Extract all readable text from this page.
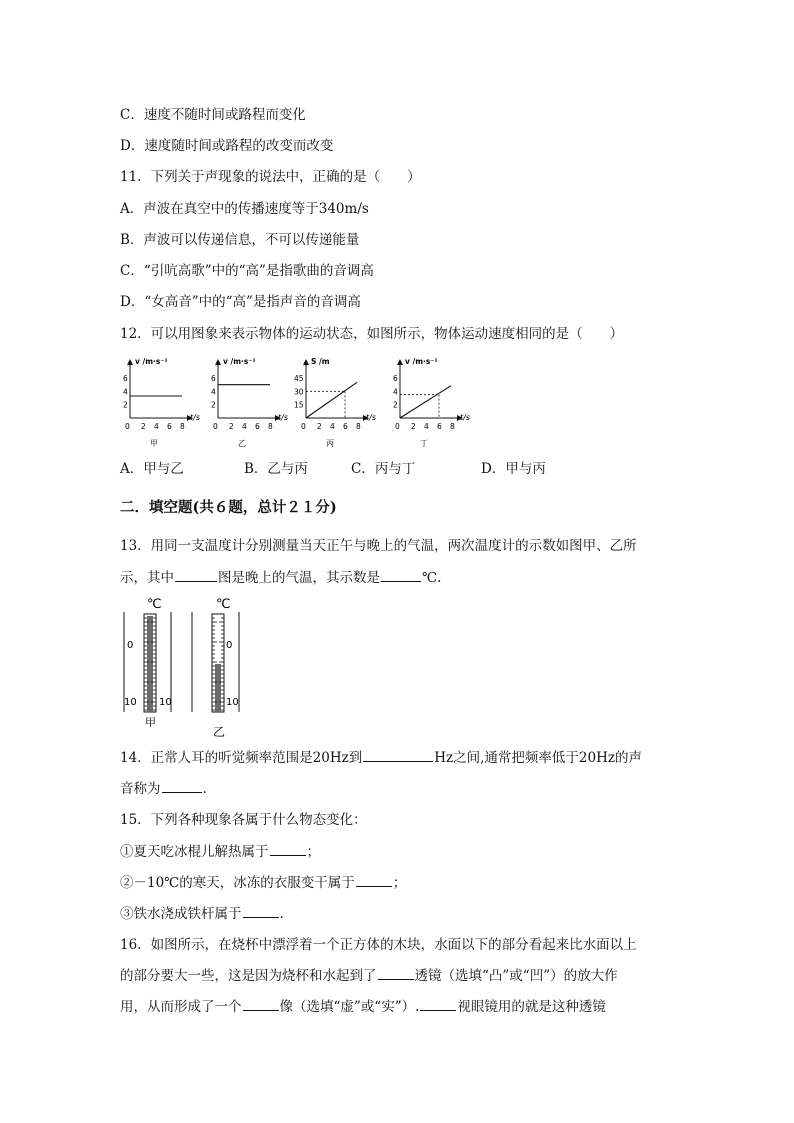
C．速度不随时间或路程而变化
D．速度随时间或路程的改变而改变
11．下列关于声现象的说法中，正确的是（　　）
A．声波在真空中的传播速度等于340m/s
B．声波可以传递信息，不可以传递能量
C．“引吭高歌”中的“高”是指歌曲的音调高
D．“女高音”中的“高”是指声音的音调高
12．可以用图象来表示物体的运动状态，如图所示，物体运动速度相同的是（　　）
v /m·s⁻¹
t/s
0 2 4 6 8
6
4
2
甲
v /m·s⁻¹
t/s
0 2 4 6 8
6
4
2
乙
S /m
t/s
0 2 4 6 8
45
30
15
丙
v /m·s⁻¹
t/s
0 2 4 6 8
6
4
2
丁
A．甲与乙	B．乙与丙	C．丙与丁	D．甲与丙
二．填空题(共６题，总计２１分)
13．用同一支温度计分别测量当天正午与晚上的气温，两次温度计的示数如图甲、乙所
示，其中	图是晚上的气温，其示数是	℃.
℃
0
10 10
甲
℃
0
10
乙
14．正常人耳的听觉频率范围是20Hz到	Hz之间,通常把频率低于20Hz的声
音称为	.
15．下列各种现象各属于什么物态变化：
①夏天吃冰棍儿解热属于	；
②－10℃的寒天，冰冻的衣服变干属于	；
③铁水浇成铁杆属于	.
16．如图所示，在烧杯中漂浮着一个正方体的木块，水面以下的部分看起来比水面以上
的部分要大一些，这是因为烧杯和水起到了	透镜（选填“凸”或“凹”）的放大作
用，从而形成了一个	像（选填“虚”或“实”）.	视眼镜用的就是这种透镜
